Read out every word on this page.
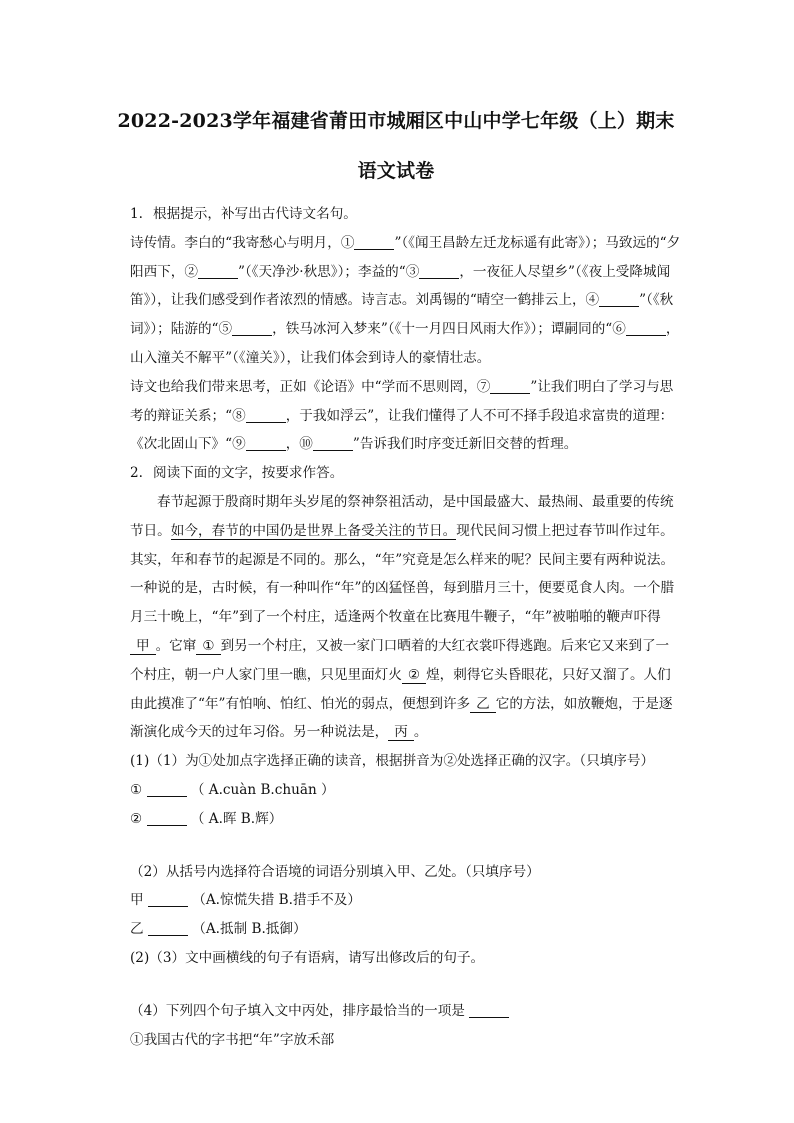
2022-2023学年福建省莆田市城厢区中山中学七年级（上）期末
语文试卷

1. 根据提示，补写出古代诗文名句。

诗传情。李白的“我寄愁心与明月，①	”（《闻王昌龄左迁龙标遥有此寄》）；马致远的“夕阳西下，②	”（《天净沙·秋思》）；李益的“③	，一夜征人尽望乡”（《夜上受降城闻笛》），让我们感受到作者浓烈的情感。诗言志。刘禹锡的“晴空一鹤排云上，④	”（《秋词》）；陆游的“⑤	，铁马冰河入梦来”（《十一月四日风雨大作》）；谭嗣同的“⑥	，山入潼关不解平”（《潼关》），让我们体会到诗人的豪情壮志。

诗文也给我们带来思考，正如《论语》中“学而不思则罔，⑦	”让我们明白了学习与思考的辩证关系；“⑧	，于我如浮云”，让我们懂得了人不可不择手段追求富贵的道理：《次北固山下》“⑨	，⑩	”告诉我们时序变迁新旧交替的哲理。

2. 阅读下面的文字，按要求作答。

春节起源于殷商时期年头岁尾的祭神祭祖活动，是中国最盛大、最热闹、最重要的传统节日。如今，春节的中国仍是世界上备受关注的节日。现代民间习惯上把过春节叫作过年。其实，年和春节的起源是不同的。那么，“年”究竟是怎么样来的呢？民间主要有两种说法。一种说的是，古时候，有一种叫作“年”的凶猛怪兽，每到腊月三十，便要觅食人肉。一个腊月三十晚上，“年”到了一个村庄，适逢两个牧童在比赛甩牛鞭子，“年”被啪啪的鞭声吓得甲 。它窜 ① 到另一个村庄，又被一家门口晒着的大红衣裳吓得逃跑。后来它又来到了一个村庄，朝一户人家门里一瞧，只见里面灯火 ② 煌，刺得它头昏眼花，只好又溜了。人们由此摸准了“年”有怕响、怕红、怕光的弱点，便想到许多 乙 它的方法，如放鞭炮，于是逐渐演化成今天的过年习俗。另一种说法是， 丙 。

(1)（1）为①处加点字选择正确的读音，根据拼音为②处选择正确的汉字。（只填序号）

①	（ A.cuàn B.chuān ）

②	（ A.晖 B.辉）

（2）从括号内选择符合语境的词语分别填入甲、乙处。（只填序号）

甲	（A.惊慌失措 B.措手不及）

乙	（A.抵制 B.抵御）

(2)（3）文中画横线的句子有语病，请写出修改后的句子。

（4）下列四个句子填入文中丙处，排序最恰当的一项是

①我国古代的字书把“年”字放禾部
